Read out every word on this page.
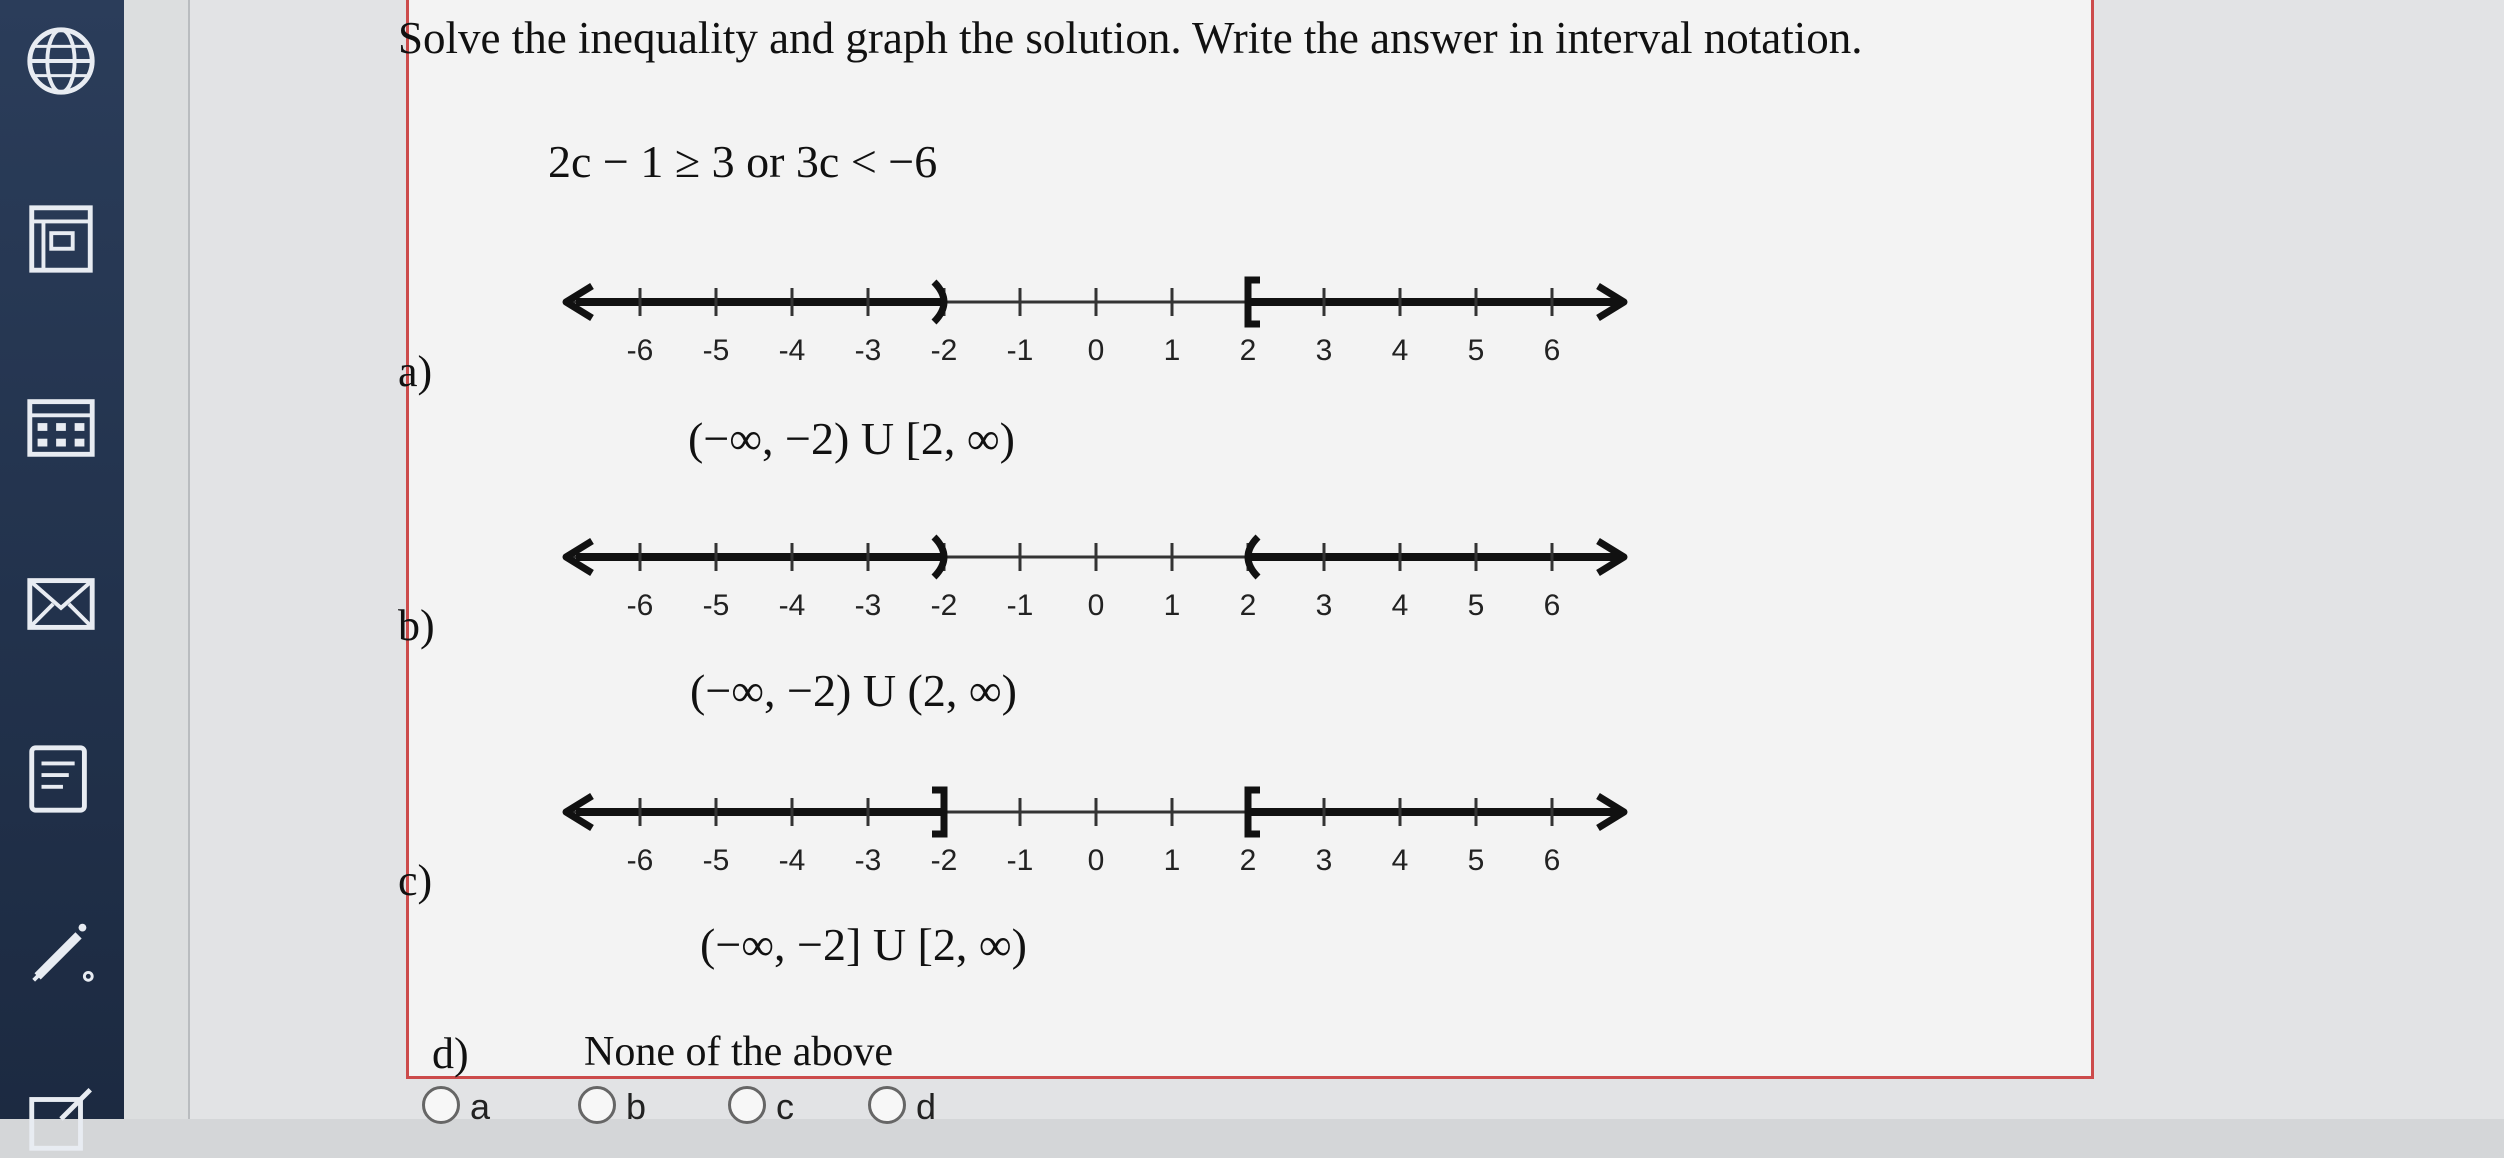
Solve the inequality and graph the solution. Write the answer in interval notation.
2c − 1 ≥ 3 or 3c < −6
a)	-6 -5 -4 -3 -2 -1 0 1 2 3 4 5 6
(−∞, −2) U [2, ∞)
b)	-6 -5 -4 -3 -2 -1 0 1 2 3 4 5 6
(−∞, −2) U (2, ∞)
c)	-6 -5 -4 -3 -2 -1 0 1 2 3 4 5 6
(−∞, −2] U [2, ∞)
d)	None of the above
a	b	c	d
